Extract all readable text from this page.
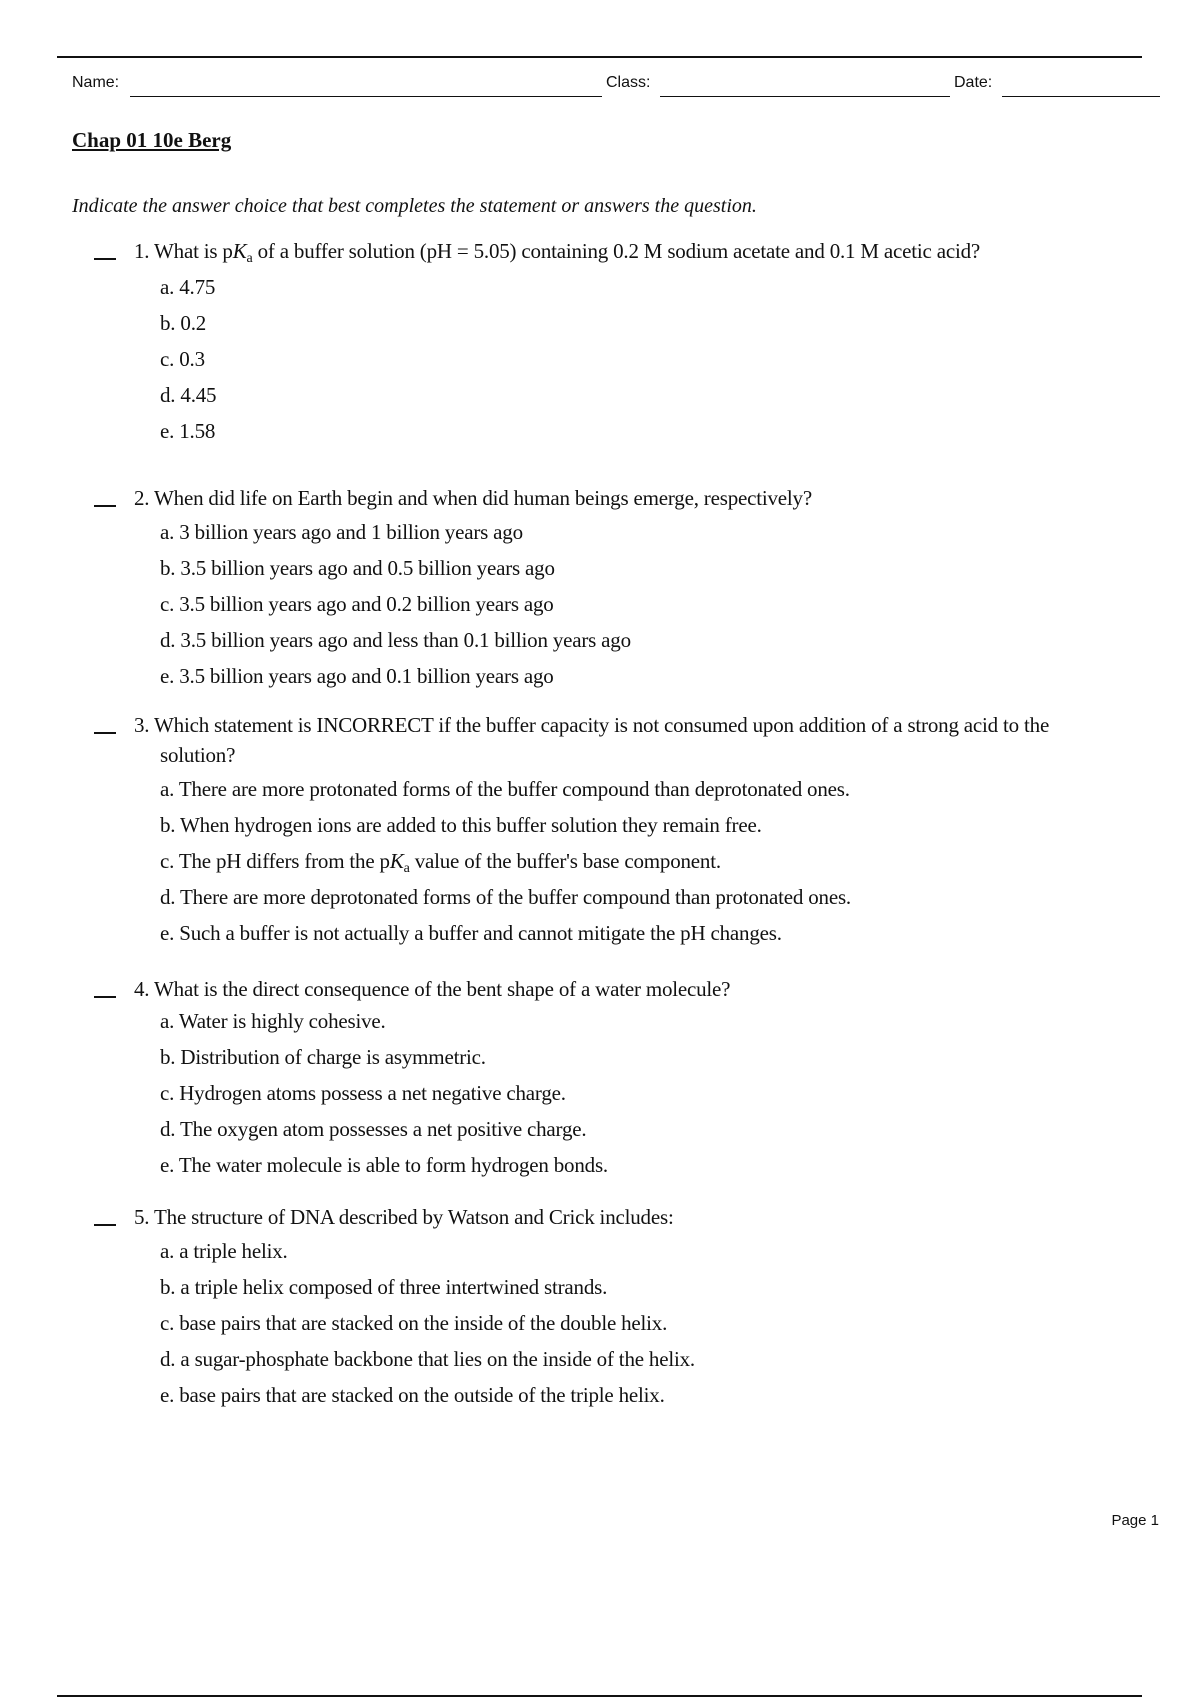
Name:	Class:	Date:
Chap 01 10e Berg
Indicate the answer choice that best completes the statement or answers the question.
1. What is $pK_a$ of a buffer solution (pH = 5.05) containing 0.2 M sodium acetate and 0.1 M acetic acid?
a. 4.75
b. 0.2
c. 0.3
d. 4.45
e. 1.58
2. When did life on Earth begin and when did human beings emerge, respectively?
a. 3 billion years ago and 1 billion years ago
b. 3.5 billion years ago and 0.5 billion years ago
c. 3.5 billion years ago and 0.2 billion years ago
d. 3.5 billion years ago and less than 0.1 billion years ago
e. 3.5 billion years ago and 0.1 billion years ago
3. Which statement is INCORRECT if the buffer capacity is not consumed upon addition of a strong acid to the
solution?
a. There are more protonated forms of the buffer compound than deprotonated ones.
b. When hydrogen ions are added to this buffer solution they remain free.
c. The pH differs from the $pK_a$ value of the buffer's base component.
d. There are more deprotonated forms of the buffer compound than protonated ones.
e. Such a buffer is not actually a buffer and cannot mitigate the pH changes.
4. What is the direct consequence of the bent shape of a water molecule?
a. Water is highly cohesive.
b. Distribution of charge is asymmetric.
c. Hydrogen atoms possess a net negative charge.
d. The oxygen atom possesses a net positive charge.
e. The water molecule is able to form hydrogen bonds.
5. The structure of DNA described by Watson and Crick includes:
a. a triple helix.
b. a triple helix composed of three intertwined strands.
c. base pairs that are stacked on the inside of the double helix.
d. a sugar-phosphate backbone that lies on the inside of the helix.
e. base pairs that are stacked on the outside of the triple helix.
Page 1
